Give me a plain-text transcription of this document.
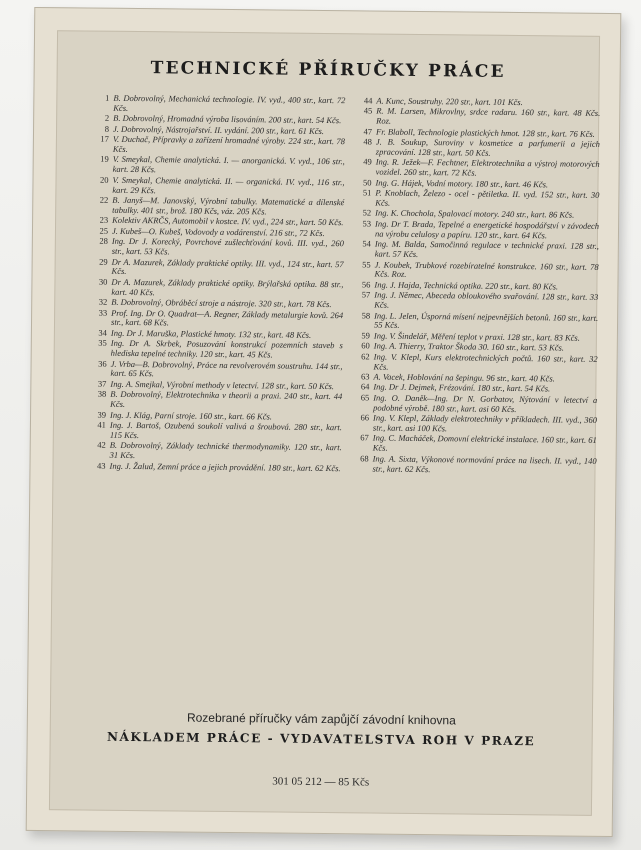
TECHNICKÉ PŘÍRUČKY PRÁCE
1 B. Dobrovolný, Mechanická technologie. IV. vyd., 400 str., kart. 72 Kčs.
2 B. Dobrovolný, Hromadná výroba lisováním. 200 str., kart. 54 Kčs.
8 J. Dobrovolný, Nástrojařství. II. vydání. 200 str., kart. 61 Kčs.
17 V. Duchač, Přípravky a zařízení hromadné výroby. 224 str., kart. 78 Kčs.
19 V. Smeykal, Chemie analytická. I. — anorganická. V. vyd., 106 str., kart. 28 Kčs.
20 V. Smeykal, Chemie analytická. II. — organická. IV. vyd., 116 str., kart. 29 Kčs.
22 B. Janyš—M. Janovský, Výrobní tabulky. Matematické a dílenské tabulky. 401 str., brož. 180 Kčs, váz. 205 Kčs.
23 Kolektiv AKRČS, Automobil v kostce. IV. vyd., 224 str., kart. 50 Kčs.
25 J. Kubeš—O. Kubeš, Vodovody a vodárenství. 216 str., 72 Kčs.
28 Ing. Dr J. Korecký, Povrchové zušlechťování kovů. III. vyd., 260 str., kart. 53 Kčs.
29 Dr A. Mazurek, Základy praktické optiky. III. vyd., 124 str., kart. 57 Kčs.
30 Dr A. Mazurek, Základy praktické optiky. Brýlařská optika. 88 str., kart. 40 Kčs.
32 B. Dobrovolný, Obráběcí stroje a nástroje. 320 str., kart. 78 Kčs.
33 Prof. Ing. Dr O. Quadrat—A. Regner, Základy metalurgie kovů. 264 str., kart. 68 Kčs.
34 Ing. Dr J. Maruška, Plastické hmoty. 132 str., kart. 48 Kčs.
35 Ing. Dr A. Skrbek, Posuzování konstrukcí pozemních staveb s hlediska tepelné techniky. 120 str., kart. 45 Kčs.
36 J. Vrba—B. Dobrovolný, Práce na revolverovém soustruhu. 144 str., kart. 65 Kčs.
37 Ing. A. Smejkal, Výrobní methody v letectví. 128 str., kart. 50 Kčs.
38 B. Dobrovolný, Elektrotechnika v theorii a praxi. 240 str., kart. 44 Kčs.
39 Ing. J. Klág, Parní stroje. 160 str., kart. 66 Kčs.
41 Ing. J. Bartoš, Ozubená soukolí valivá a šroubová. 280 str., kart. 115 Kčs.
42 B. Dobrovolný, Základy technické thermodynamiky. 120 str., kart. 31 Kčs.
43 Ing. J. Žalud, Zemní práce a jejich provádění. 180 str., kart. 62 Kčs.
44 A. Kunc, Soustruhy. 220 str., kart. 101 Kčs.
45 R. M. Larsen, Mikrovlny, srdce radaru. 160 str., kart. 48 Kčs. Roz.
47 Fr. Blaboll, Technologie plastických hmot. 128 str., kart. 76 Kčs.
48 J. B. Soukup, Suroviny v kosmetice a parfumerii a jejich zpracování. 128 str., kart. 50 Kčs.
49 Ing. R. Ježek—F. Fechtner, Elektrotechnika a výstroj motorových vozidel. 260 str., kart. 72 Kčs.
50 Ing. G. Hájek, Vodní motory. 180 str., kart. 46 Kčs.
51 P. Knoblach, Železo - ocel - pětiletka. II. vyd. 152 str., kart. 30 Kčs.
52 Ing. K. Chochola, Spalovací motory. 240 str., kart. 86 Kčs.
53 Ing. Dr T. Brada, Tepelné a energetické hospodářství v závodech na výrobu celulosy a papíru. 120 str., kart. 64 Kčs.
54 Ing. M. Balda, Samočinná regulace v technické praxi. 128 str., kart. 57 Kčs.
55 J. Koubek, Trubkové rozebíratelné konstrukce. 160 str., kart. 78 Kčs. Roz.
56 Ing. J. Hajda, Technická optika. 220 str., kart. 80 Kčs.
57 Ing. J. Němec, Abeceda obloukového svařování. 128 str., kart. 33 Kčs.
58 Ing. L. Jelen, Úsporná mísení nejpevnějších betonů. 160 str., kart. 55 Kčs.
59 Ing. V. Šindelář, Měření teplot v praxi. 128 str., kart. 83 Kčs.
60 Ing. A. Thierry, Traktor Škoda 30. 160 str., kart. 53 Kčs.
62 Ing. V. Klepl, Kurs elektrotechnických počtů. 160 str., kart. 32 Kčs.
63 A. Vacek, Hoblování na šepingu. 96 str., kart. 40 Kčs.
64 Ing. Dr J. Dejmek, Frézování. 180 str., kart. 54 Kčs.
65 Ing. O. Daněk—Ing. Dr N. Gorbatov, Nýtování v letectví a podobné výrobě. 180 str., kart. asi 60 Kčs.
66 Ing. V. Klepl, Základy elektrotechniky v příkladech. III. vyd., 360 str., kart. asi 100 Kčs.
67 Ing. C. Macháček, Domovní elektrické instalace. 160 str., kart. 61 Kčs.
68 Ing. A. Sixta, Výkonové normování práce na lisech. II. vyd., 140 str., kart. 62 Kčs.
Rozebrané příručky vám zapůjčí závodní knihovna
NÁKLADEM PRÁCE - VYDAVATELSTVA ROH V PRAZE
301 05 212 — 85 Kčs
